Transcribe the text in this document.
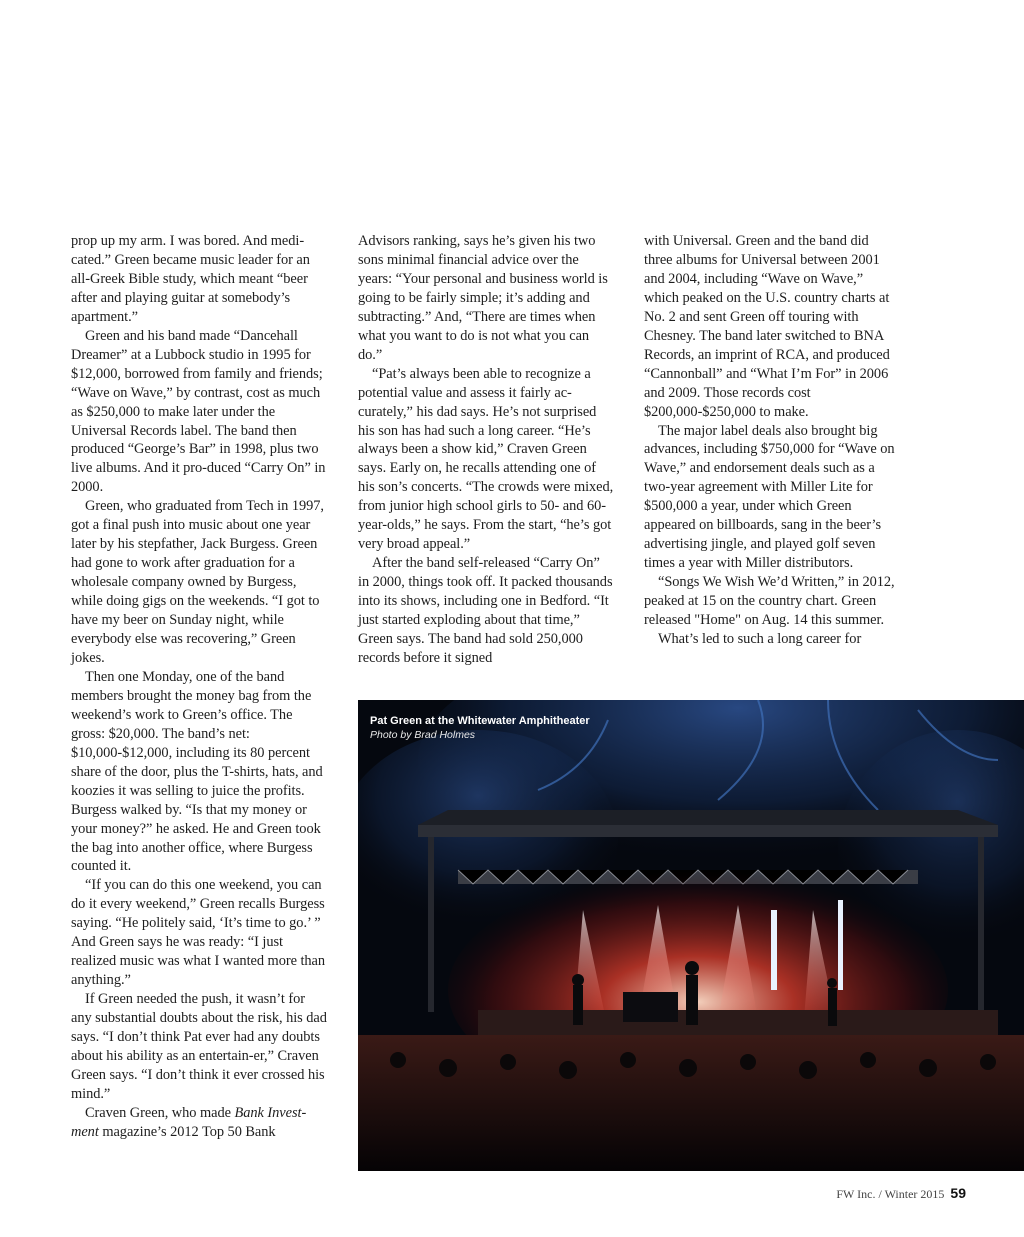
prop up my arm. I was bored. And medi-cated.” Green became music leader for an all-Greek Bible study, which meant “beer after and playing guitar at somebody’s apartment.”

Green and his band made “Dancehall Dreamer” at a Lubbock studio in 1995 for $12,000, borrowed from family and friends; “Wave on Wave,” by contrast, cost as much as $250,000 to make later under the Universal Records label. The band then produced “George’s Bar” in 1998, plus two live albums. And it pro-duced “Carry On” in 2000.

Green, who graduated from Tech in 1997, got a final push into music about one year later by his stepfather, Jack Burgess. Green had gone to work after graduation for a wholesale company owned by Burgess, while doing gigs on the weekends. “I got to have my beer on Sunday night, while everybody else was recovering,” Green jokes.

Then one Monday, one of the band members brought the money bag from the weekend’s work to Green’s office. The gross: $20,000. The band’s net: $10,000-$12,000, including its 80 percent share of the door, plus the T-shirts, hats, and koozies it was selling to juice the profits. Burgess walked by. “Is that my money or your money?” he asked. He and Green took the bag into another office, where Burgess counted it.

“If you can do this one weekend, you can do it every weekend,” Green recalls Burgess saying. “He politely said, ‘It’s time to go.’ ” And Green says he was ready: “I just realized music was what I wanted more than anything.”

If Green needed the push, it wasn’t for any substantial doubts about the risk, his dad says. “I don’t think Pat ever had any doubts about his ability as an entertain-er,” Craven Green says. “I don’t think it ever crossed his mind.”

Craven Green, who made Bank Invest-ment magazine’s 2012 Top 50 Bank

Advisors ranking, says he’s given his two sons minimal financial advice over the years: “Your personal and business world is going to be fairly simple; it’s adding and subtracting.” And, “There are times when what you want to do is not what you can do.”

“Pat’s always been able to recognize a potential value and assess it fairly ac-curately,” his dad says. He’s not surprised his son has had such a long career. “He’s always been a show kid,” Craven Green says. Early on, he recalls attending one of his son’s concerts. “The crowds were mixed, from junior high school girls to 50- and 60-year-olds,” he says. From the start, “he’s got very broad appeal.”

After the band self-released “Carry On” in 2000, things took off. It packed thousands into its shows, including one in Bedford. “It just started exploding about that time,” Green says. The band had sold 250,000 records before it signed

with Universal. Green and the band did three albums for Universal between 2001 and 2004, including “Wave on Wave,” which peaked on the U.S. country charts at No. 2 and sent Green off touring with Chesney. The band later switched to BNA Records, an imprint of RCA, and produced “Cannonball” and “What I’m For” in 2006 and 2009. Those records cost $200,000-$250,000 to make.

The major label deals also brought big advances, including $750,000 for “Wave on Wave,” and endorsement deals such as a two-year agreement with Miller Lite for $500,000 a year, under which Green appeared on billboards, sang in the beer’s advertising jingle, and played golf seven times a year with Miller distributors.

“Songs We Wish We’d Written,” in 2012, peaked at 15 on the country chart. Green released "Home" on Aug. 14 this summer.

What’s led to such a long career for

Pat Green at the Whitewater Amphitheater
Photo by Brad Holmes
FW Inc. / Winter 2015 59
